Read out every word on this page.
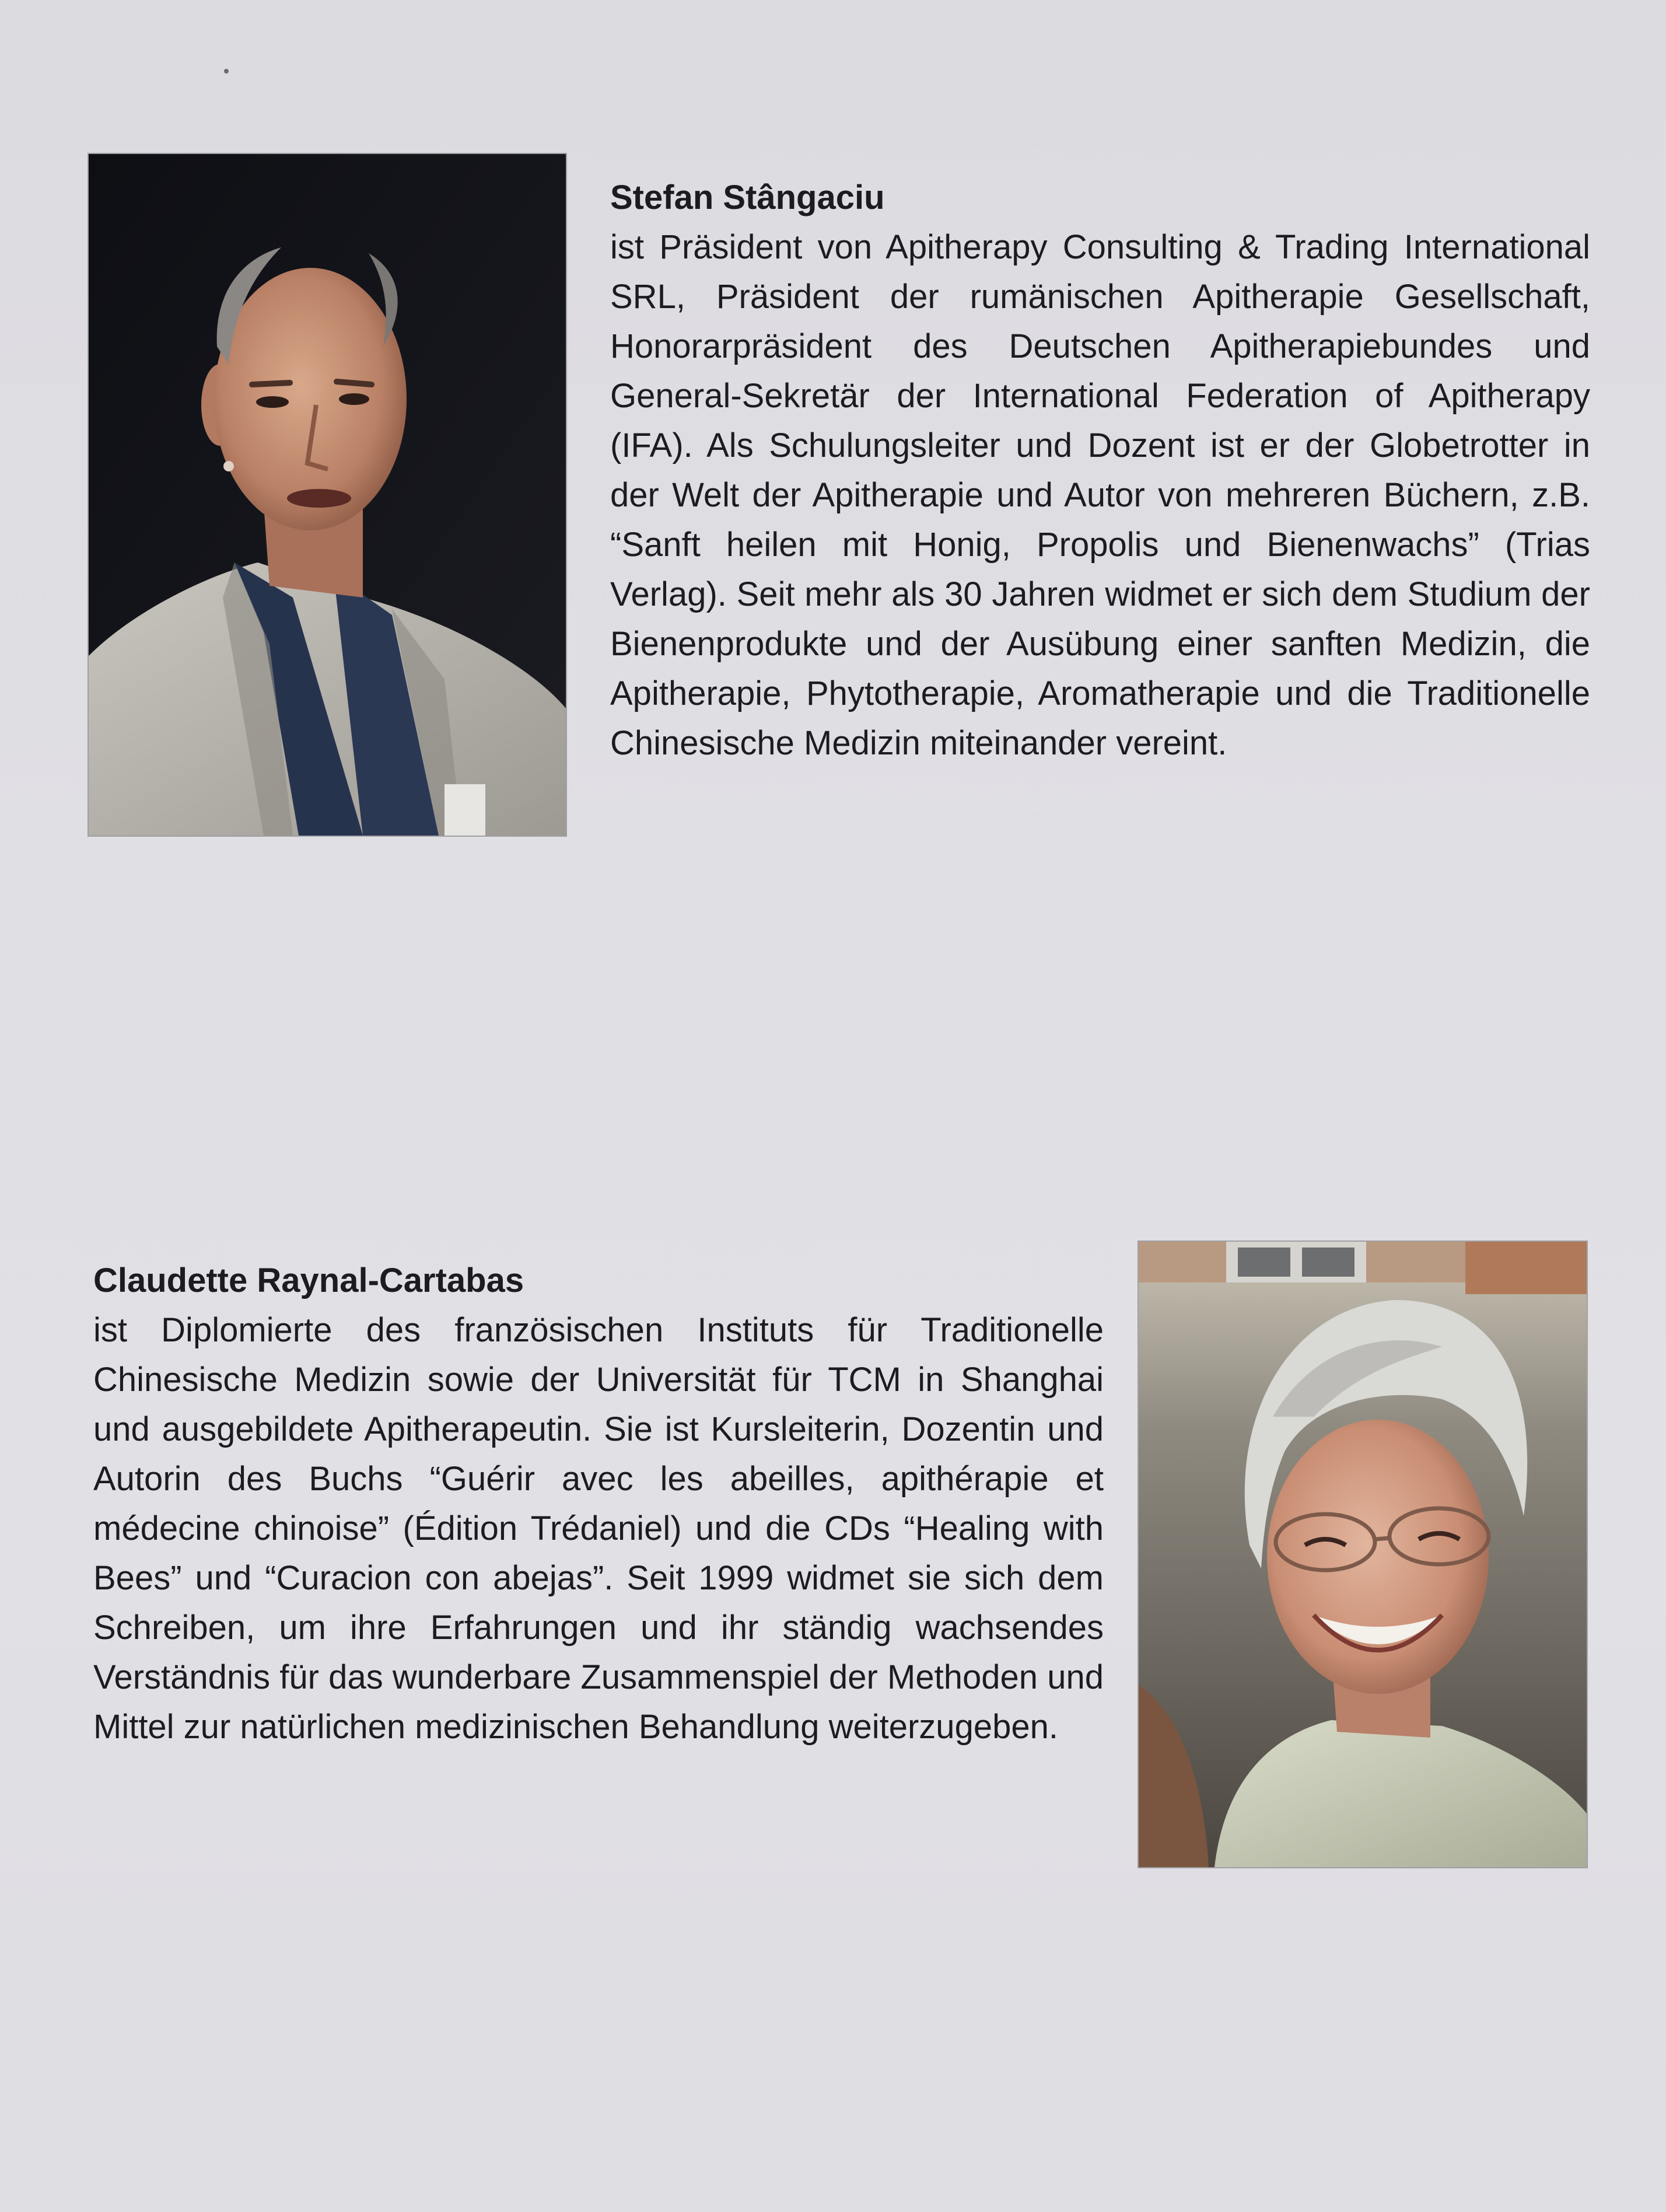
Stefan Stângaciu
ist Präsident von Apitherapy Consulting & Trading International SRL, Präsident der rumänischen Apitherapie Gesellschaft, Honorarpräsident des Deutschen Apitherapiebundes und General-Sekretär der International Federation of Apitherapy (IFA). Als Schulungsleiter und Dozent ist er der Globetrotter in der Welt der Apitherapie und Autor von mehreren Büchern, z.B. “Sanft heilen mit Honig, Propolis und Bienenwachs” (Trias Verlag). Seit mehr als 30 Jahren widmet er sich dem Studium der Bienenprodukte und der Ausübung einer sanften Medizin, die Apitherapie, Phytotherapie, Aromatherapie und die Traditionelle Chinesische Medizin miteinander vereint.
Claudette Raynal-Cartabas
ist Diplomierte des französischen Instituts für Traditionelle Chinesische Medizin sowie der Universität für TCM in Shanghai und ausgebildete Apitherapeutin. Sie ist Kursleiterin, Dozentin und Autorin des Buchs “Guérir avec les abeilles, apithérapie et médecine chinoise” (Édition Trédaniel) und die CDs “Healing with Bees” und “Curacion con abejas”. Seit 1999 widmet sie sich dem Schreiben, um ihre Erfahrungen und ihr ständig wachsendes Verständnis für das wunderbare Zusammenspiel der Methoden und Mittel zur natürlichen medizinischen Behandlung weiterzugeben.
